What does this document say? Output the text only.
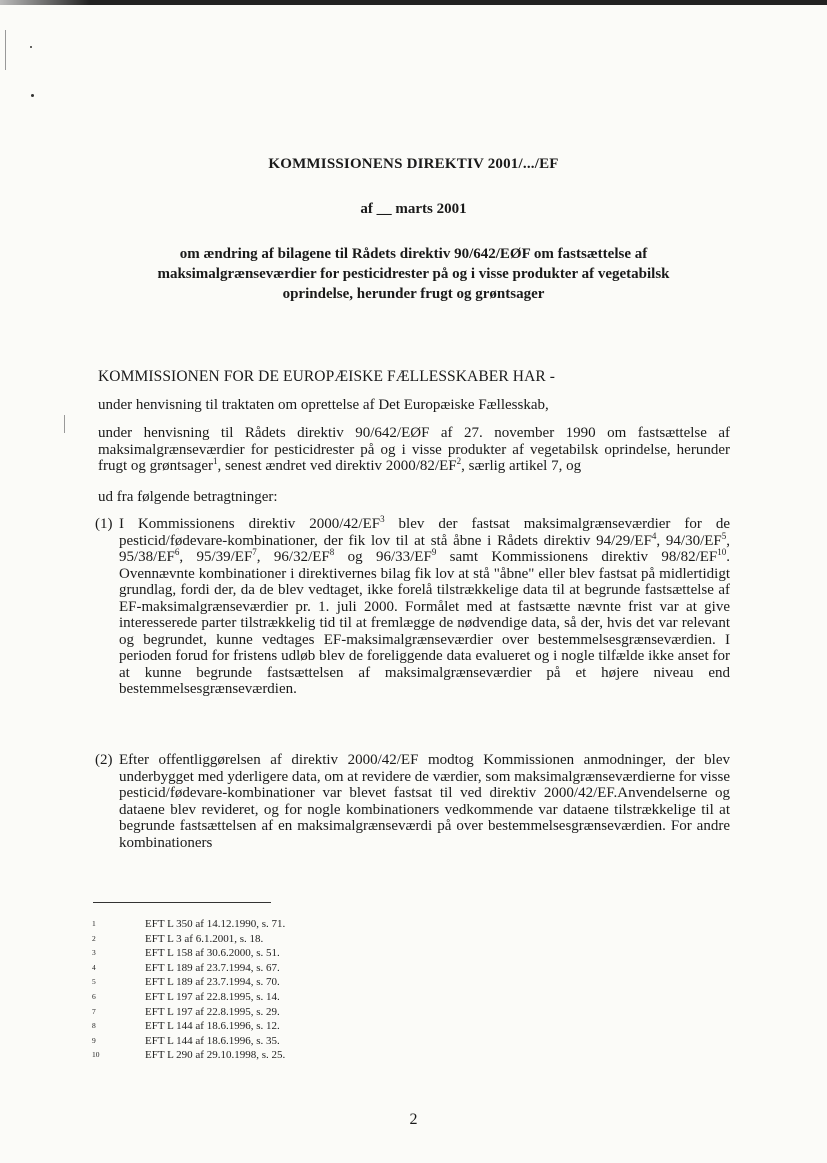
KOMMISSIONENS DIREKTIV 2001/.../EF
af __ marts 2001
om ændring af bilagene til Rådets direktiv 90/642/EØF om fastsættelse af
maksimalgrænseværdier for pesticidrester på og i visse produkter af vegetabilsk
oprindelse, herunder frugt og grøntsager
KOMMISSIONEN FOR DE EUROPÆISKE FÆLLESSKABER HAR -
under henvisning til traktaten om oprettelse af Det Europæiske Fællesskab,
under henvisning til Rådets direktiv 90/642/EØF af 27. november 1990 om fastsættelse af maksimalgrænseværdier for pesticidrester på og i visse produkter af vegetabilsk oprindelse, herunder frugt og grøntsager$^1$, senest ændret ved direktiv $2000/82/EF^2$, særlig artikel 7, og
ud fra følgende betragtninger:
(1) I Kommissionens direktiv $2000/42/EF^3$ blev der fastsat maksimalgrænseværdier for de pesticid/fødevare-kombinationer, der fik lov til at stå åbne i Rådets direktiv $94/29/EF^4$, $94/30/EF^5$, $95/38/EF^6$, $95/39/EF^7$, $96/32/EF^8$ og $96/33/EF^9$ samt Kommissionens direktiv 98/82/EF$^{10}$. Ovennævnte kombinationer i direktivernes bilag fik lov at stå "åbne" eller blev fastsat på midlertidigt grundlag, fordi der, da de blev vedtaget, ikke forelå tilstrækkelige data til at begrunde fastsættelse af EF-maksimalgrænseværdier pr. 1. juli 2000. Formålet med at fastsætte nævnte frist var at give interesserede parter tilstrækkelig tid til at fremlægge de nødvendige data, så der, hvis det var relevant og begrundet, kunne vedtages EF-maksimalgrænseværdier over bestemmelsesgrænseværdien. I perioden forud for fristens udløb blev de foreliggende data evalueret og i nogle tilfælde ikke anset for at kunne begrunde fastsættelsen af maksimalgrænseværdier på et højere niveau end bestemmelsesgrænseværdien.
(2) Efter offentliggørelsen af direktiv 2000/42/EF modtog Kommissionen anmodninger, der blev underbygget med yderligere data, om at revidere de værdier, som maksimalgrænseværdierne for visse pesticid/fødevare-kombinationer var blevet fastsat til ved direktiv 2000/42/EF.Anvendelserne og dataene blev revideret, og for nogle kombinationers vedkommende var dataene tilstrækkelige til at begrunde fastsættelsen af en maksimalgrænseværdi på over bestemmelsesgrænseværdien. For andre kombinationers
1	EFT L 350 af 14.12.1990, s. 71.
2	EFT L 3 af 6.1.2001, s. 18.
3	EFT L 158 af 30.6.2000, s. 51.
4	EFT L 189 af 23.7.1994, s. 67.
5	EFT L 189 af 23.7.1994, s. 70.
6	EFT L 197 af 22.8.1995, s. 14.
7	EFT L 197 af 22.8.1995, s. 29.
8	EFT L 144 af 18.6.1996, s. 12.
9	EFT L 144 af 18.6.1996, s. 35.
10	EFT L 290 af 29.10.1998, s. 25.
2
